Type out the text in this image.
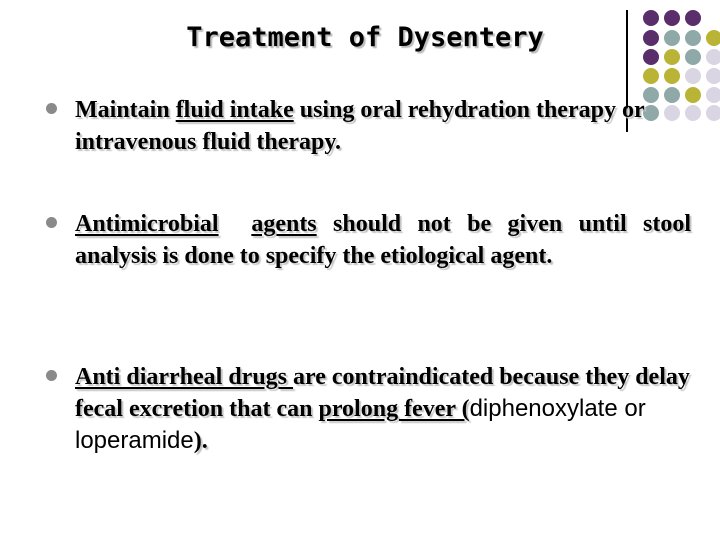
Treatment of Dysentery
Maintain fluid intake using oral rehydration therapy or intravenous fluid therapy.
Antimicrobial agents should not be given until stool analysis is done to specify the etiological agent.
Anti diarrheal drugs are contraindicated because they delay fecal excretion that can prolong fever (diphenoxylate or loperamide).
